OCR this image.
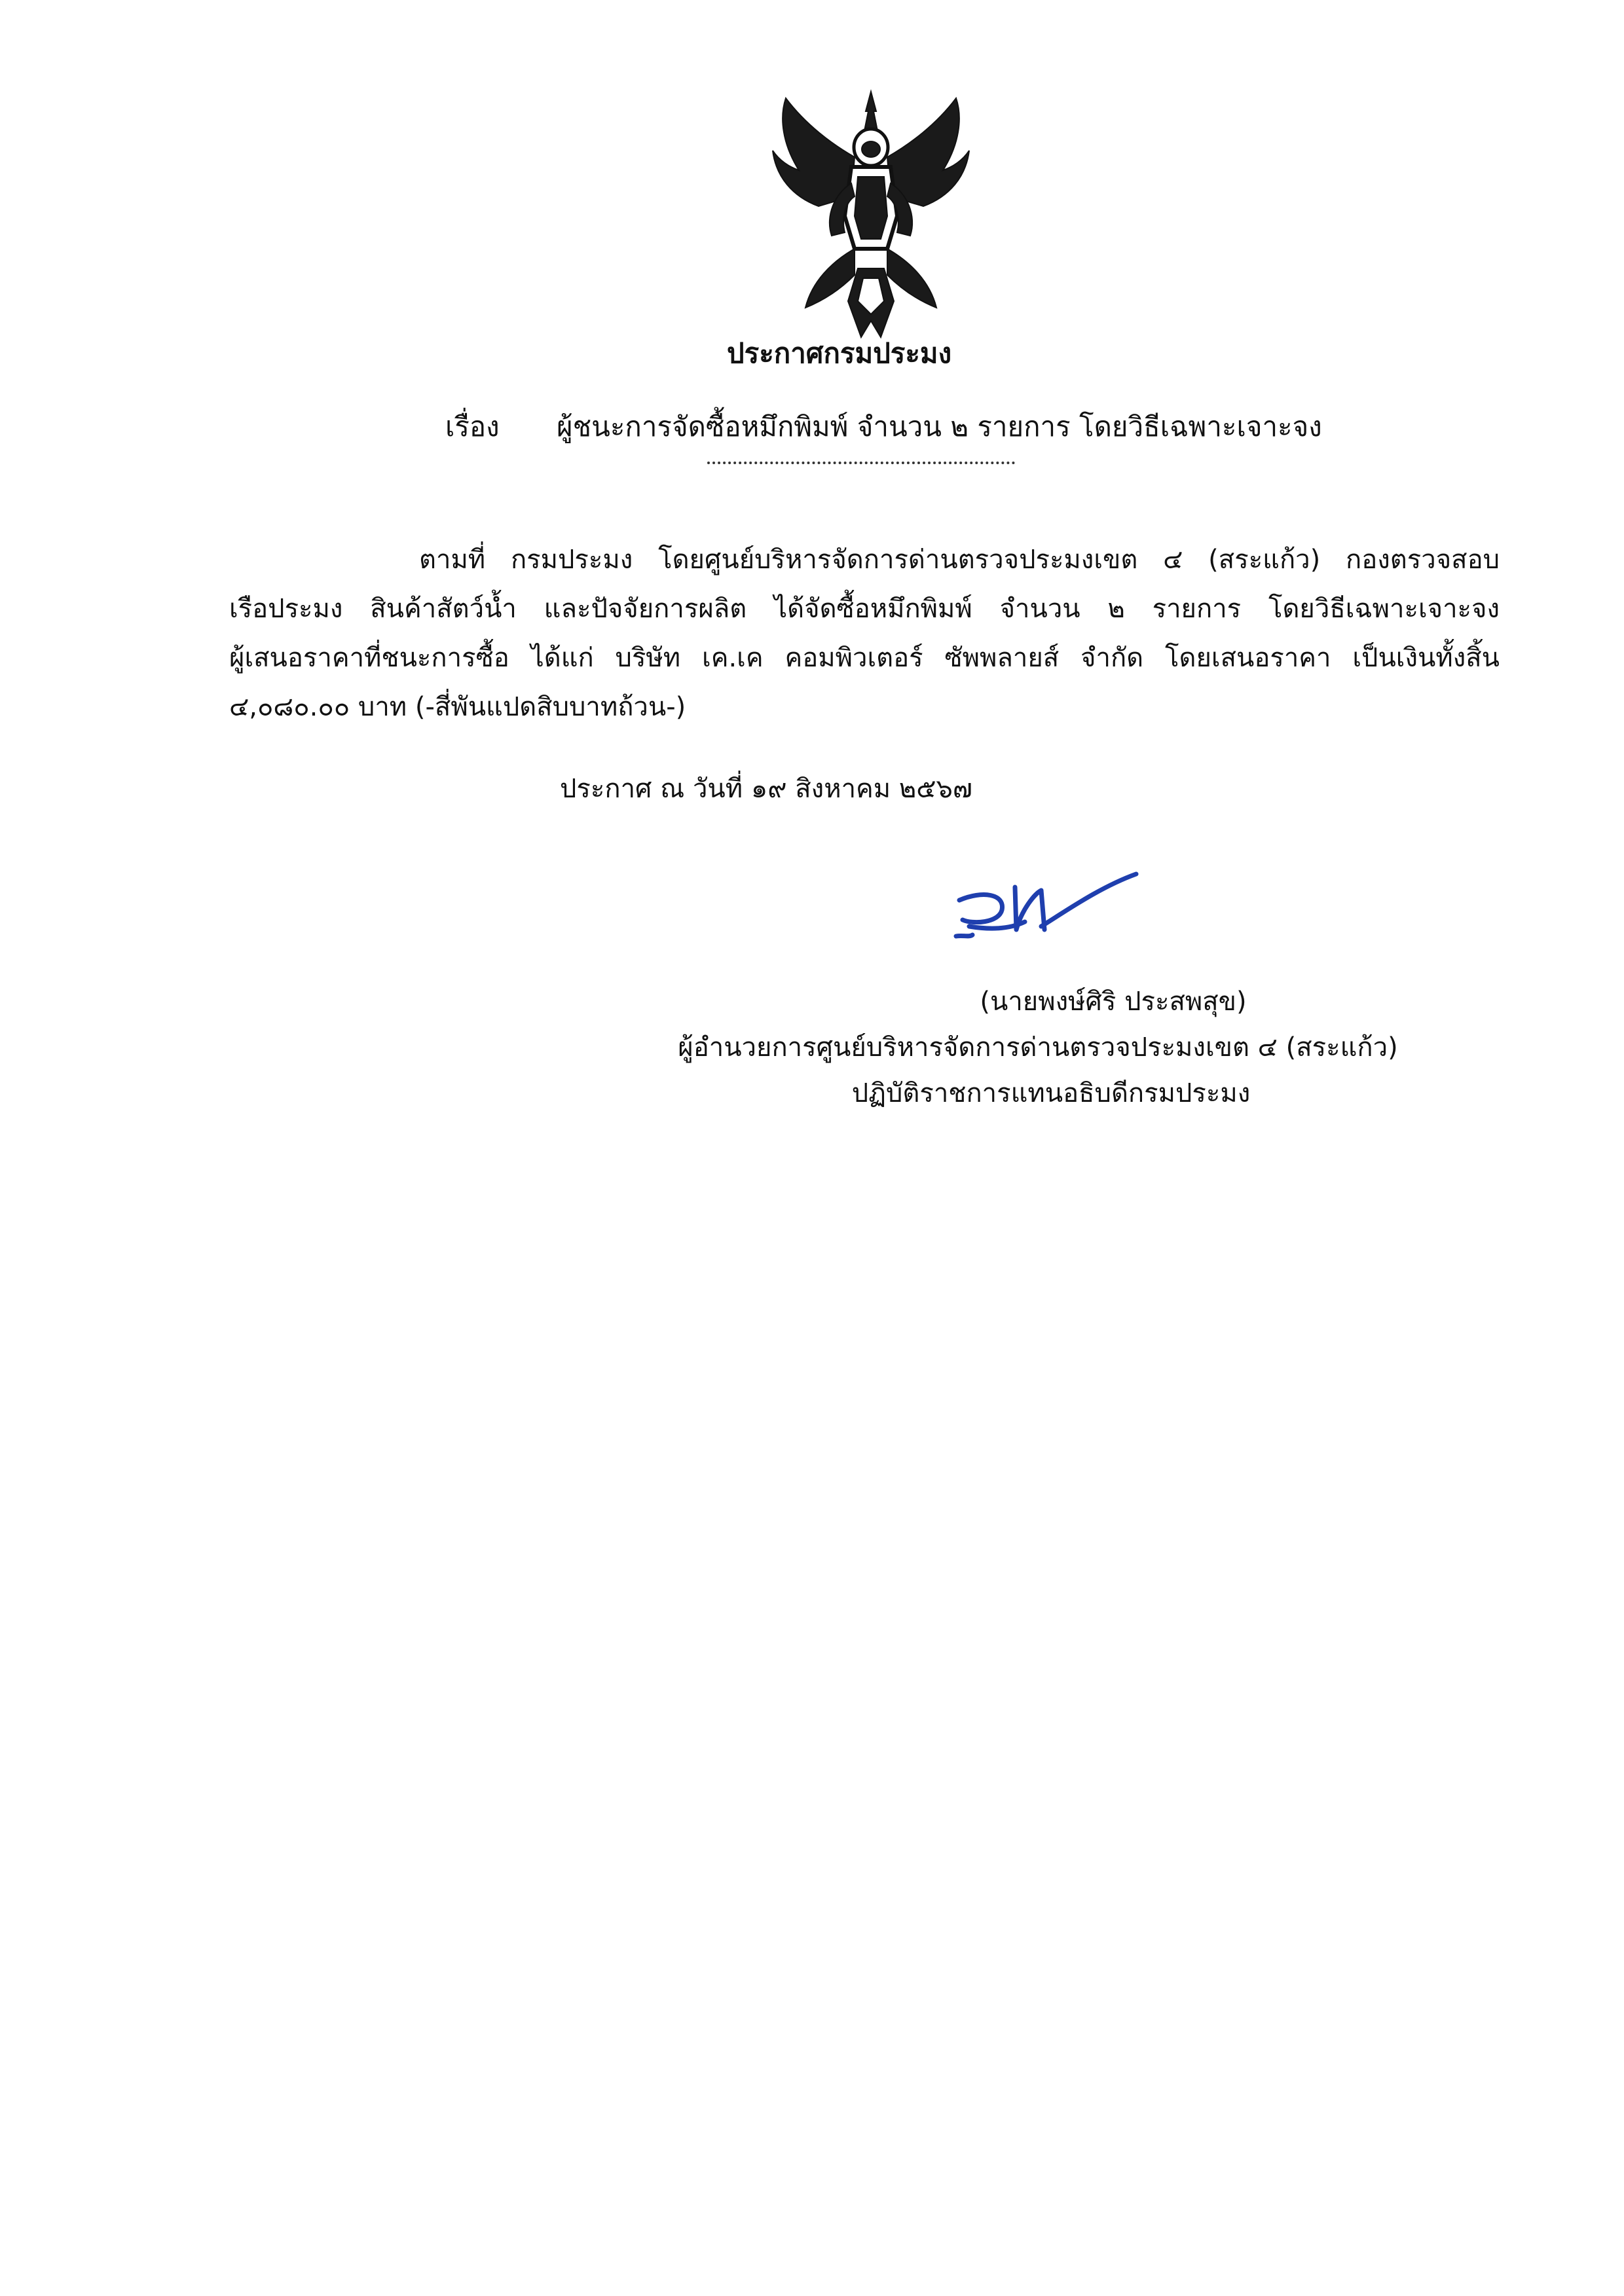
ประกาศกรมประมง
เรื่อง ผู้ชนะการจัดซื้อหมึกพิมพ์ จำนวน ๒ รายการ โดยวิธีเฉพาะเจาะจง
ตามที่ กรมประมง โดยศูนย์บริหารจัดการด่านตรวจประมงเขต ๔ (สระแก้ว) กองตรวจสอบ
เรือประมง สินค้าสัตว์น้ำ และปัจจัยการผลิต ได้จัดซื้อหมึกพิมพ์ จำนวน ๒ รายการ โดยวิธีเฉพาะเจาะจง
ผู้เสนอราคาที่ชนะการซื้อ ได้แก่ บริษัท เค.เค คอมพิวเตอร์ ซัพพลายส์ จำกัด โดยเสนอราคา เป็นเงินทั้งสิ้น
๔,๐๘๐.๐๐ บาท (-สี่พันแปดสิบบาทถ้วน-)
ประกาศ ณ วันที่ ๑๙ สิงหาคม ๒๕๖๗
(นายพงษ์ศิริ ประสพสุข)
ผู้อำนวยการศูนย์บริหารจัดการด่านตรวจประมงเขต ๔ (สระแก้ว)
ปฏิบัติราชการแทนอธิบดีกรมประมง
